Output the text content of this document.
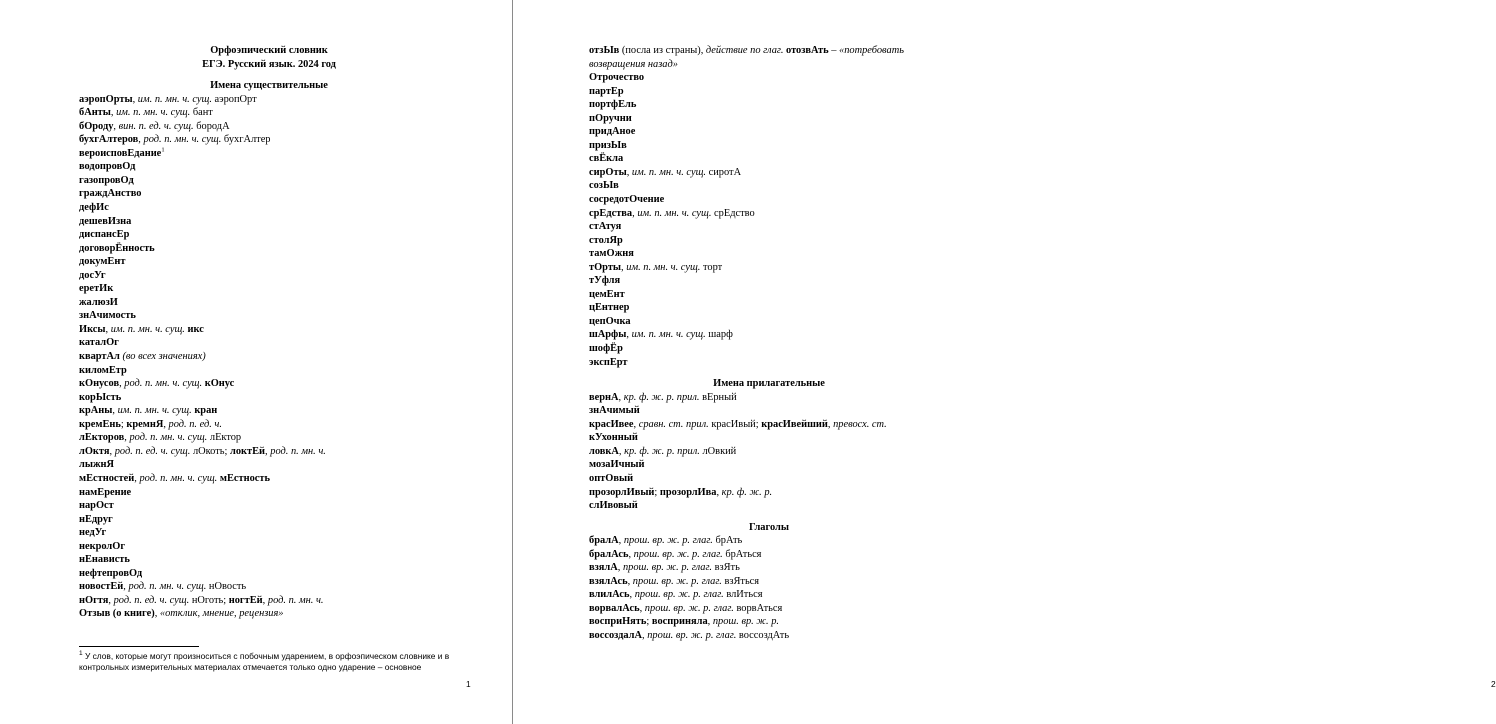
Орфоэпический словник
ЕГЭ. Русский язык. 2024 год
Имена существительные
аэропОрты, им. п. мн. ч. сущ. аэропОрт
бАнты, им. п. мн. ч. сущ. бант
бОроду, вин. п. ед. ч. сущ. бородА
бухгАлтеров, род. п. мн. ч. сущ. бухгАлтер
вероисповЕдание$^1$
водопровОд
газопровОд
граждАнство
дефИс
дешевИзна
диспансЕр
договорЁнность
докумЕнт
досУг
еретИк
жалюзИ
знАчимость
Иксы, им. п. мн. ч. сущ. икс
каталОг
квартАл (во всех значениях)
киломЕтр
кОнусов, род. п. мн. ч. сущ. кОнус
корЫсть
крАны, им. п. мн. ч. сущ. кран
кремЕнь; кремнЯ, род. п. ед. ч.
лЕкторов, род. п. мн. ч. сущ. лЕктор
лОктя, род. п. ед. ч. сущ. лОкоть; локтЕй, род. п. мн. ч.
лыжнЯ
мЕстностей, род. п. мн. ч. сущ. мЕстность
намЕрение
нарОст
нЕдруг
недУг
некролОг
нЕнависть
нефтепровОд
новостЕй, род. п. мн. ч. сущ. нОвость
нОгтя, род. п. ед. ч. сущ. нОготь; ногтЕй, род. п. мн. ч.
Отзыв (о книге), «отклик, мнение, рецензия»
$^1$ У слов, которые могут произноситься с побочным ударением, в орфоэпическом словнике и в контрольных измерительных материалах отмечается только одно ударение – основное
1	2
отзЫв (посла из страны), действие по глаг. отозвАть – «потребовать возвращения назад»
Отрочество
партЕр
портфЕль
пОручни
придАное
призЫв
свЁкла
сирОты, им. п. мн. ч. сущ. сиротА
созЫв
сосредотОчение
срЕдства, им. п. мн. ч. сущ. срЕдство
стАтуя
столЯр
тамОжня
тОрты, им. п. мн. ч. сущ. торт
тУфля
цемЕнт
цЕнтнер
цепОчка
шАрфы, им. п. мн. ч. сущ. шарф
шофЁр
экспЕрт
Имена прилагательные
вернА, кр. ф. ж. р. прил. вЕрный
знАчимый
красИвее, сравн. ст. прил. красИвый; красИвейший, превосх. ст.
кУхонный
ловкА, кр. ф. ж. р. прил. лОвкий
мозаИчный
оптОвый
прозорлИвый; прозорлИва, кр. ф. ж. р.
слИвовый
Глаголы
бралА, прош. вр. ж. р. глаг. брАть
бралАсь, прош. вр. ж. р. глаг. брАться
взялА, прош. вр. ж. р. глаг. взЯть
взялАсь, прош. вр. ж. р. глаг. взЯться
влилАсь, прош. вр. ж. р. глаг. влИться
ворвалАсь, прош. вр. ж. р. глаг. ворвАться
восприНять; восприняла, прош. вр. ж. р.
воссоздалА, прош. вр. ж. р. глаг. воссоздАть
